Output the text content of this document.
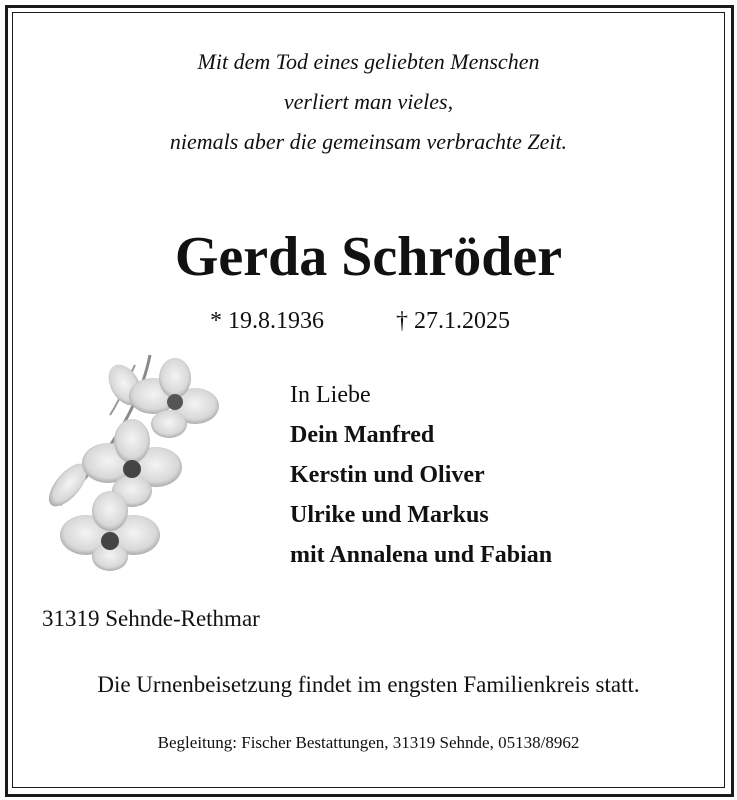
Mit dem Tod eines geliebten Menschen
verliert man vieles,
niemals aber die gemeinsam verbrachte Zeit.
Gerda Schröder
* 19.8.1936	† 27.1.2025
In Liebe
Dein Manfred
Kerstin und Oliver
Ulrike und Markus
mit Annalena und Fabian
31319 Sehnde-Rethmar
Die Urnenbeisetzung findet im engsten Familienkreis statt.
Begleitung: Fischer Bestattungen, 31319 Sehnde, 05138/8962
